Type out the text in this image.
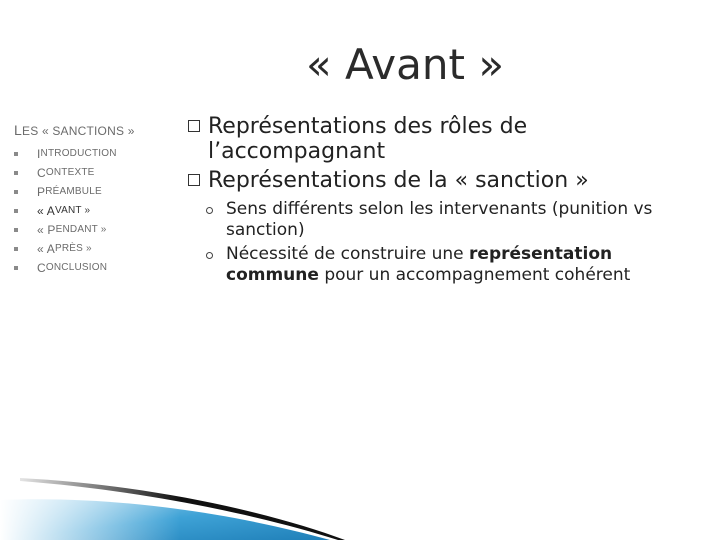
« Avant »
LES « SANCTIONS »
I NTRODUCTION
C ONTEXTE
P RÉAMBULE
« A VANT »
« P ENDANT »
« A PRÈS »
C ONCLUSION
Représentations des rôles de l’accompagnant
Représentations de la « sanction »
Sens différents selon les intervenants (punition vs sanction)
Nécessité de construire une représentation commune pour un accompagnement cohérent
